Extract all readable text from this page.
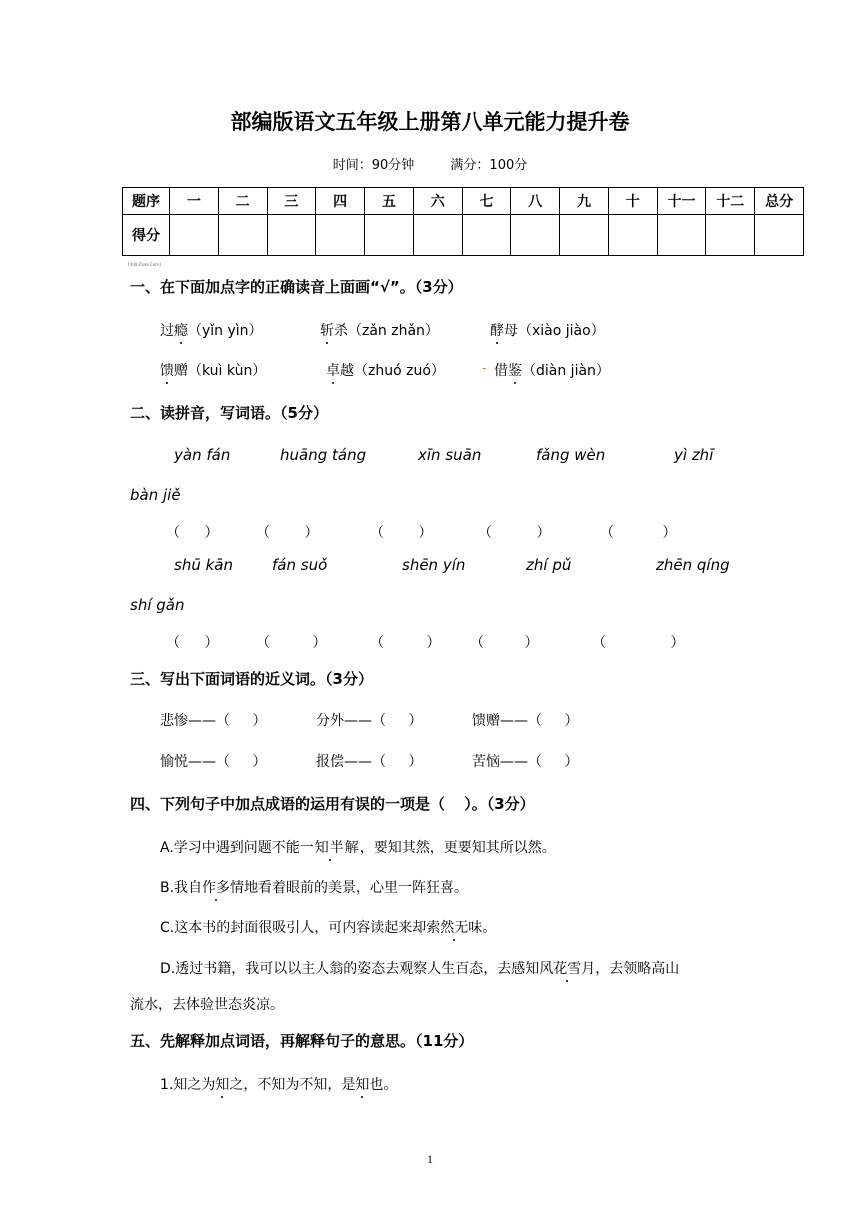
部编版语文五年级上册第八单元能力提升卷
时间：90分钟	满分：100分
题序	一	二	三	四	五	六	七	八	九	十	十一	十二	总分
得分													
[来源:Zxxk.Com]
一、在下面加点字的正确读音上面画“√”。（3分）
过瘾（yǐn yìn）	斩杀（zǎn zhǎn）	酵母（xiào jiào）
馈赠（kuì kùn）	卓越（zhuó zuó）	- 借鉴（diàn jiàn）
二、读拼音，写词语。（5分）
yàn fán	huāng táng	xīn suān	fǎng wèn	yì zhī
bàn jiě
（ ）	（ ）	（ ）	（ ）	（ ）
shū kān	fán suǒ	shēn yín	zhí pǔ	zhēn qíng
shí gǎn
（ ）	（ ）	（ ） （ ）	（ ）
三、写出下面词语的近义词。（3分）
悲惨——（ ）	分外——（ ）	馈赠——（ ）
愉悦——（ ）	报偿——（ ）	苦恼——（ ）
四、下列句子中加点成语的运用有误的一项是（ ）。（3分）
A.学习中遇到问题不能一知半解，要知其然，更要知其所以然。
B.我自作多情地看着眼前的美景，心里一阵狂喜。
C.这本书的封面很吸引人，可内容读起来却索然无味。
D.透过书籍，我可以以主人翁的姿态去观察人生百态，去感知风花雪月，去领略高山
流水，去体验世态炎凉。
五、先解释加点词语，再解释句子的意思。（11分）
1.知之为知之，不知为不知，是知也。
1
